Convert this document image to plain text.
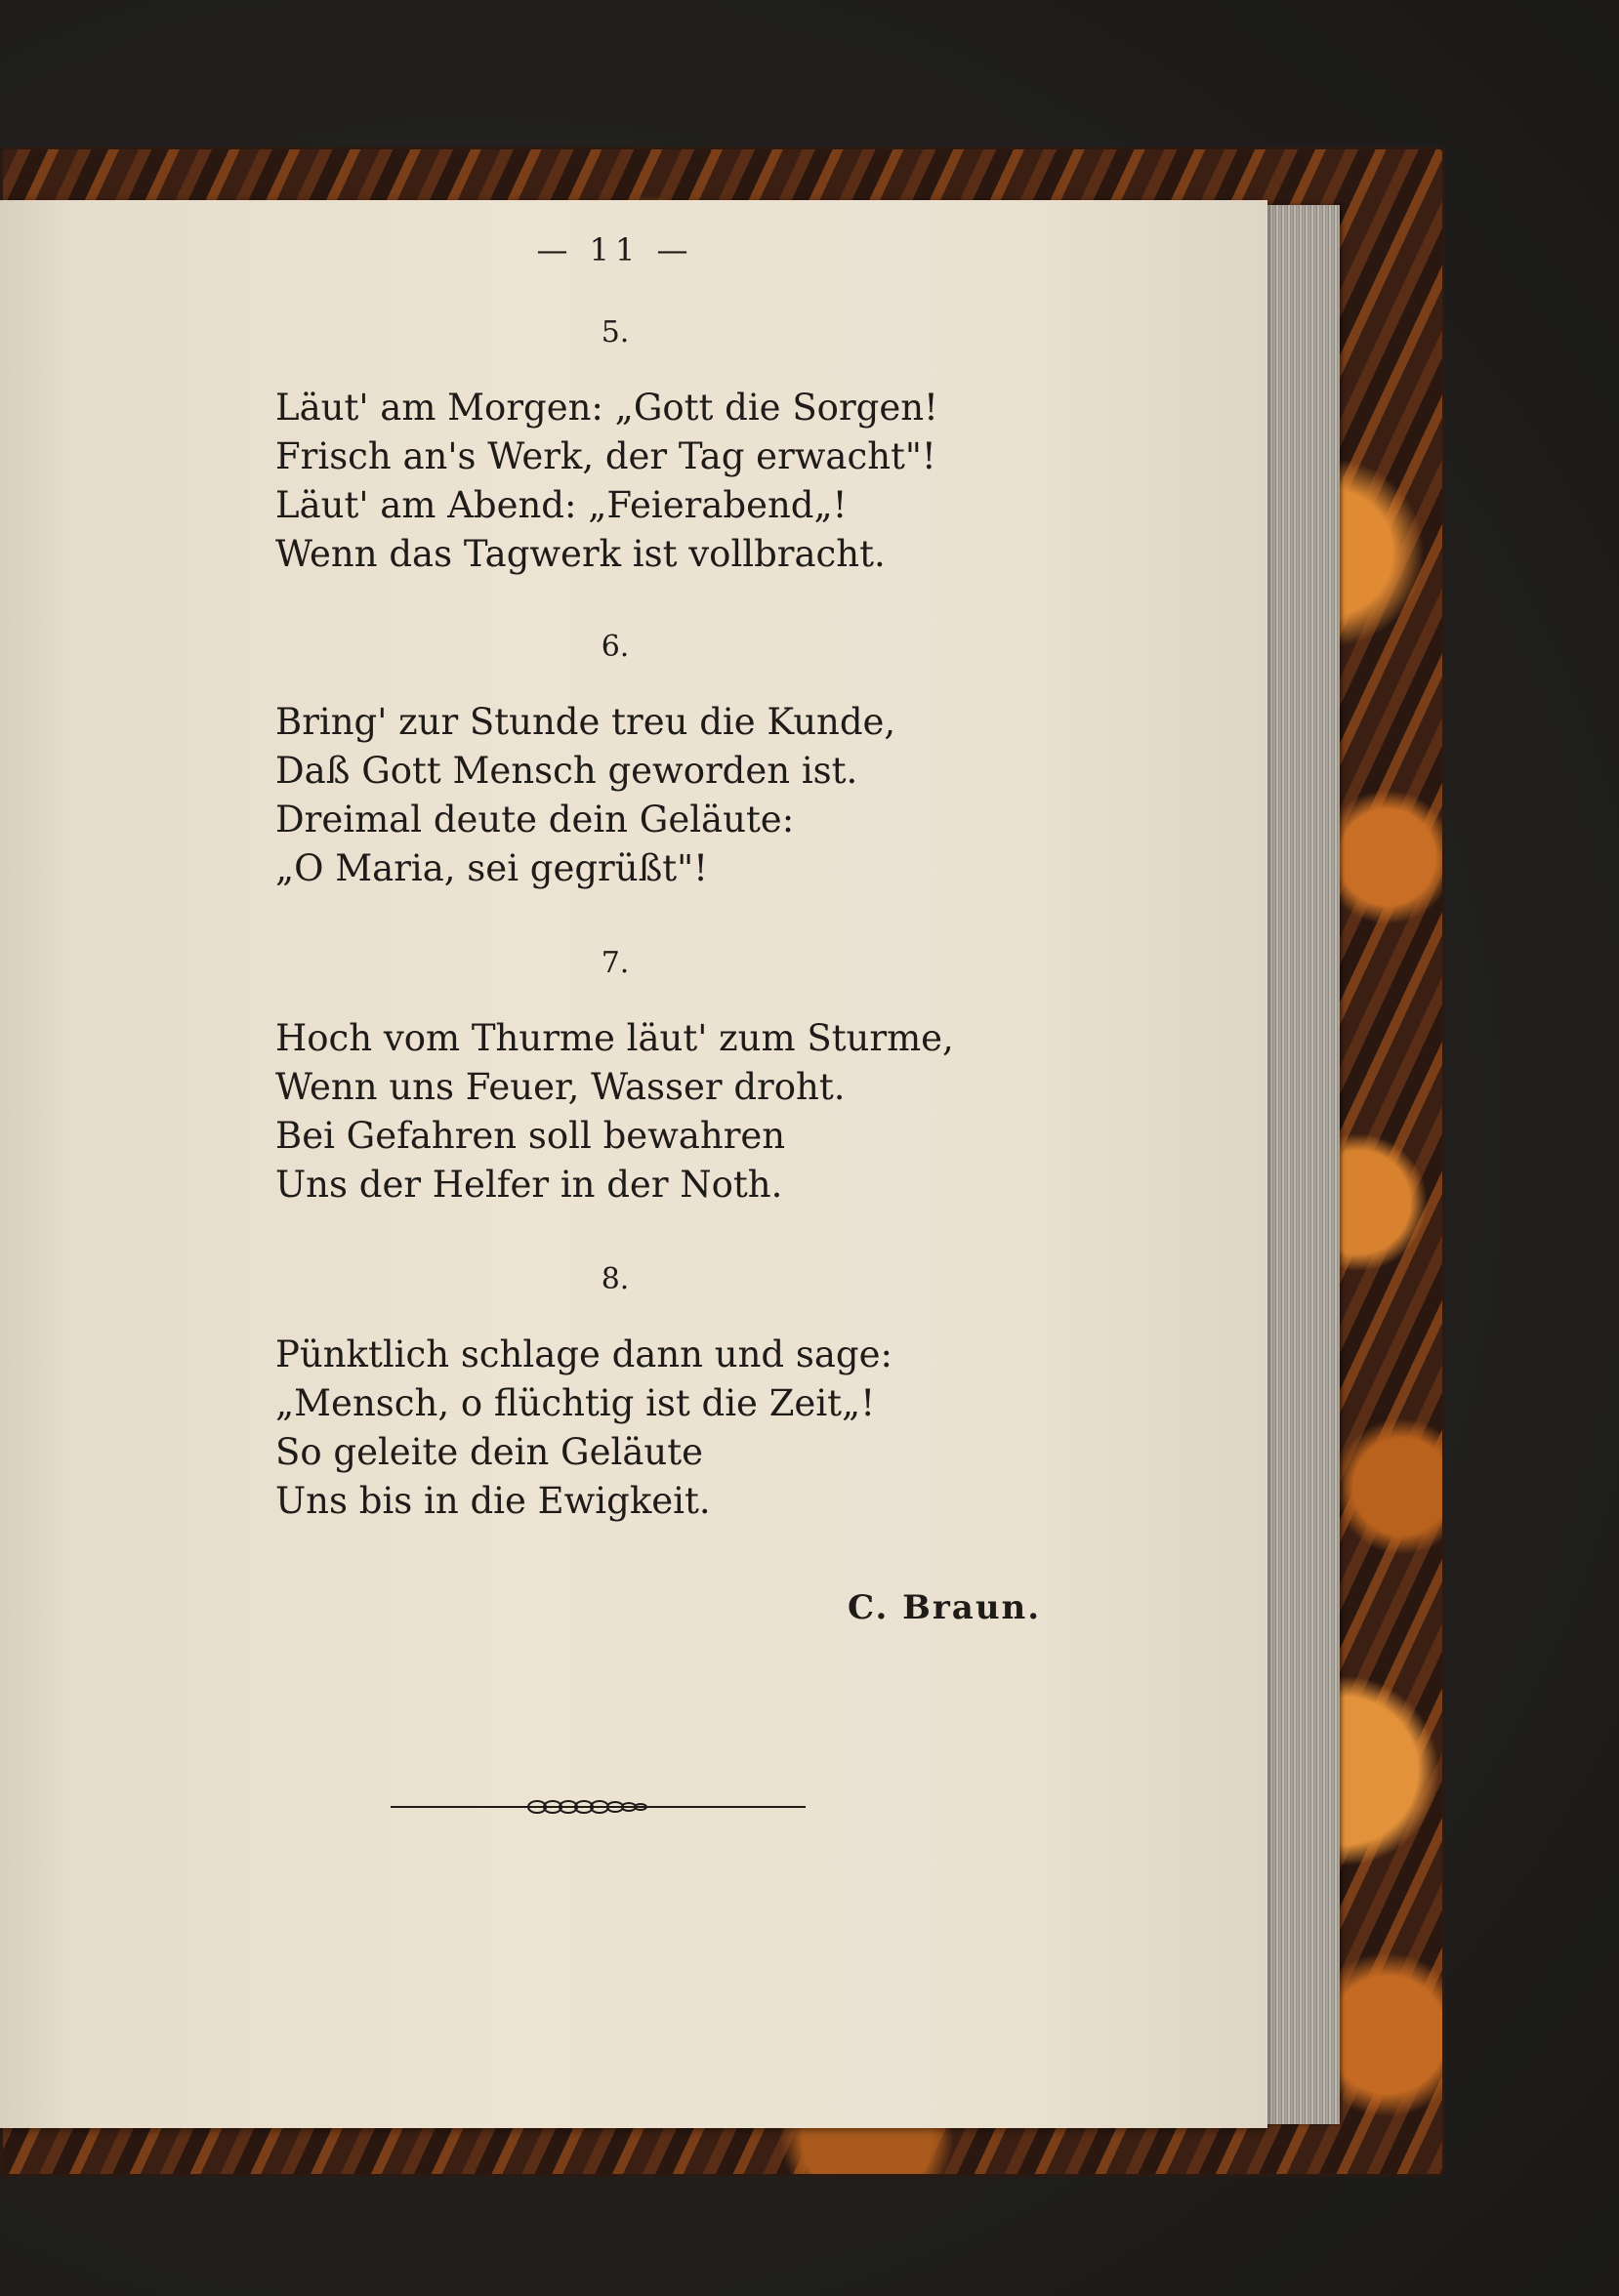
— 11 —
5.
Läut' am Morgen: „Gott die Sorgen!
Frisch an's Werk, der Tag erwacht"!
Läut' am Abend: „Feierabend„!
Wenn das Tagwerk ist vollbracht.
6.
Bring' zur Stunde treu die Kunde,
Daß Gott Mensch geworden ist.
Dreimal deute dein Geläute:
„O Maria, sei gegrüßt"!
7.
Hoch vom Thurme läut' zum Sturme,
Wenn uns Feuer, Wasser droht.
Bei Gefahren soll bewahren
Uns der Helfer in der Noth.
8.
Pünktlich schlage dann und sage:
„Mensch, o flüchtig ist die Zeit„!
So geleite dein Geläute
Uns bis in die Ewigkeit.
C. Braun.
